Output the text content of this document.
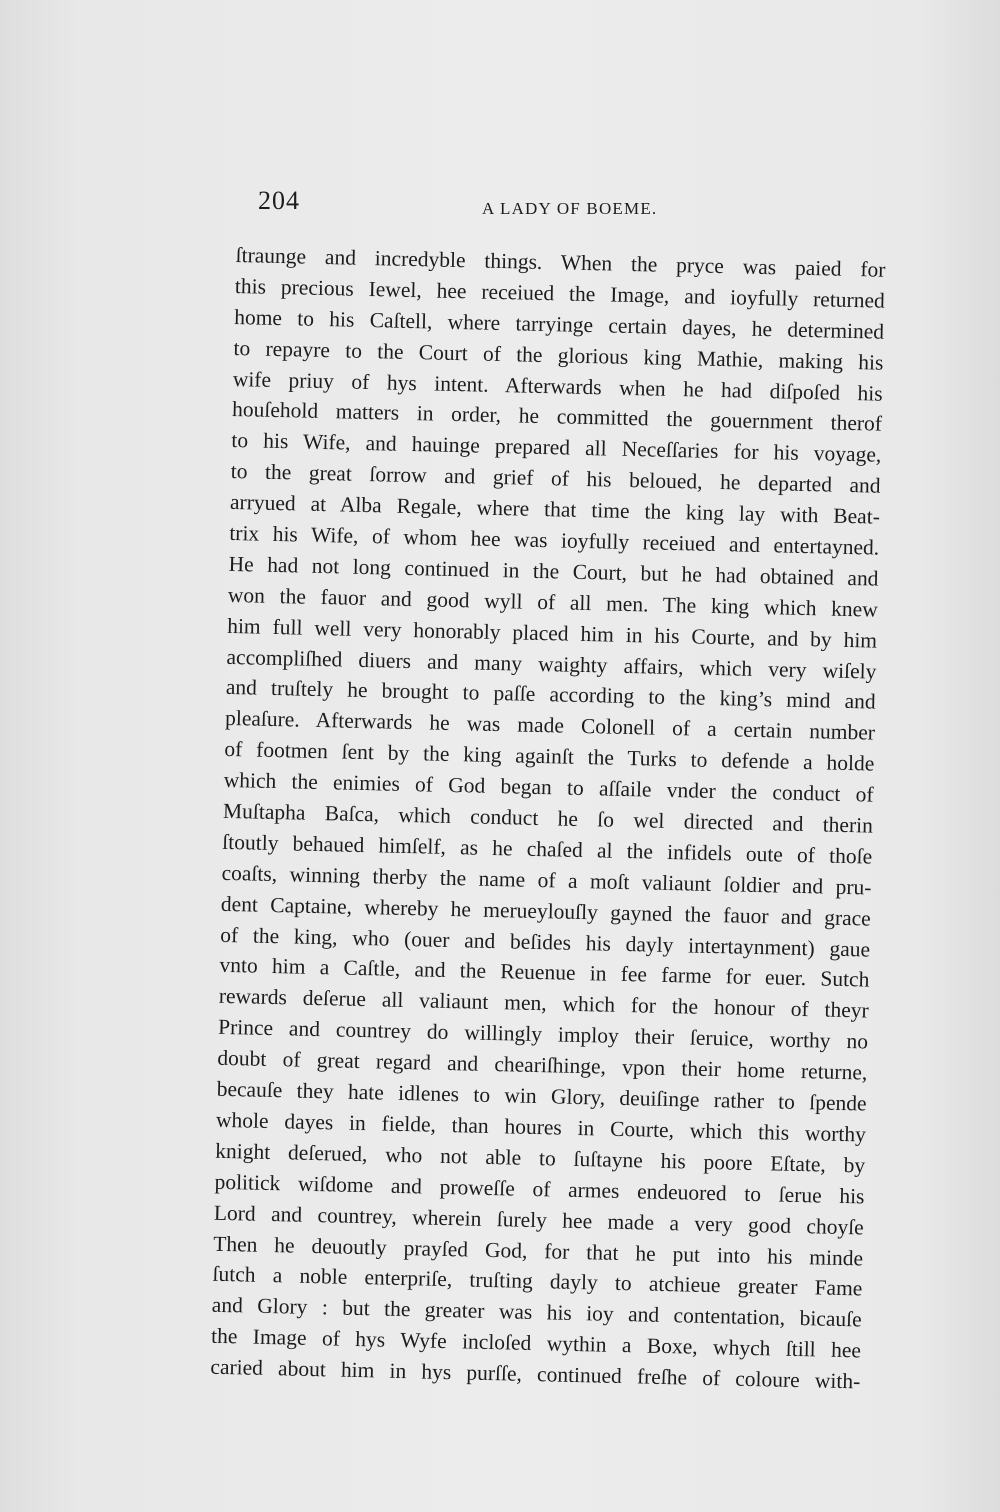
204	A LADY OF BOEME.
ſtraunge and incredyble things. When the pryce was paied for
this precious Iewel, hee receiued the Image, and ioyfully returned
home to his Caſtell, where tarryinge certain dayes, he determined
to repayre to the Court of the glorious king Mathie, making his
wife priuy of hys intent. Afterwards when he had diſpoſed his
houſehold matters in order, he committed the gouernment therof
to his Wife, and hauinge prepared all Neceſſaries for his voyage,
to the great ſorrow and grief of his beloued, he departed and
arryued at Alba Regale, where that time the king lay with Beat-
trix his Wife, of whom hee was ioyfully receiued and entertayned.
He had not long continued in the Court, but he had obtained and
won the fauor and good wyll of all men. The king which knew
him full well very honorably placed him in his Courte, and by him
accompliſhed diuers and many waighty affairs, which very wiſely
and truſtely he brought to paſſe according to the king’s mind and
pleaſure. Afterwards he was made Colonell of a certain number
of footmen ſent by the king againſt the Turks to defende a holde
which the enimies of God began to aſſaile vnder the conduct of
Muſtapha Baſca, which conduct he ſo wel directed and therin
ſtoutly behaued himſelf, as he chaſed al the infidels oute of thoſe
coaſts, winning therby the name of a moſt valiaunt ſoldier and pru-
dent Captaine, whereby he merueylouſly gayned the fauor and grace
of the king, who (ouer and beſides his dayly intertaynment) gaue
vnto him a Caſtle, and the Reuenue in fee farme for euer. Sutch
rewards deſerue all valiaunt men, which for the honour of theyr
Prince and countrey do willingly imploy their ſeruice, worthy no
doubt of great regard and cheariſhinge, vpon their home returne,
becauſe they hate idlenes to win Glory, deuiſinge rather to ſpende
whole dayes in fielde, than houres in Courte, which this worthy
knight deſerued, who not able to ſuſtayne his poore Eſtate, by
politick wiſdome and proweſſe of armes endeuored to ſerue his
Lord and countrey, wherein ſurely hee made a very good choyſe
Then he deuoutly prayſed God, for that he put into his minde
ſutch a noble enterpriſe, truſting dayly to atchieue greater Fame
and Glory : but the greater was his ioy and contentation, bicauſe
the Image of hys Wyfe incloſed wythin a Boxe, whych ſtill hee
caried about him in hys purſſe, continued freſhe of coloure with-
